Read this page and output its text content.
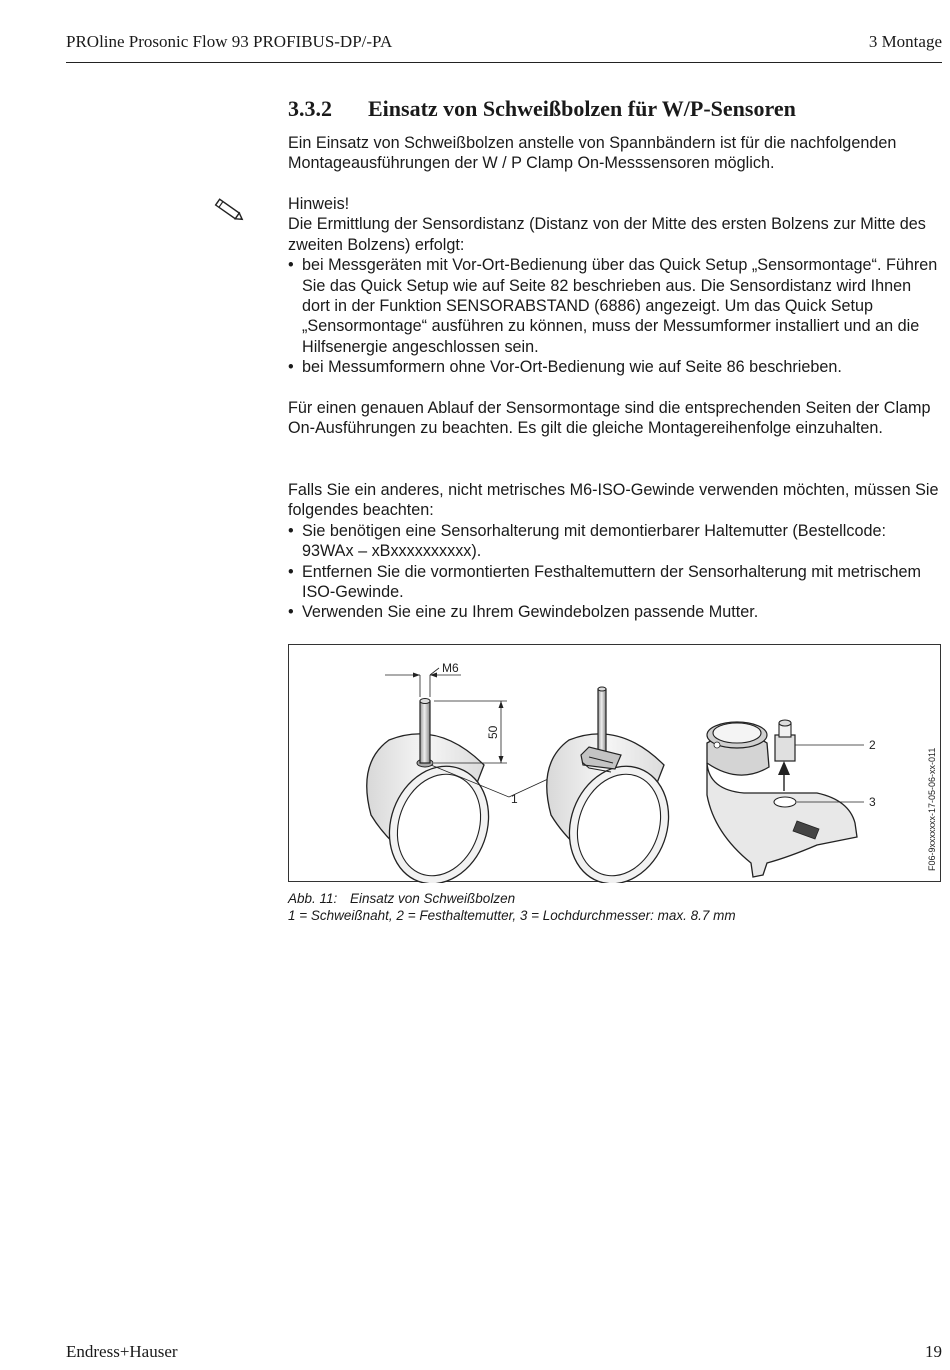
PROline Prosonic Flow 93 PROFIBUS-DP/-PA	3 Montage
3.3.2 Einsatz von Schweißbolzen für W/P-Sensoren

Ein Einsatz von Schweißbolzen anstelle von Spannbändern ist für die nachfolgenden Montageausführungen der W / P Clamp On-Messsensoren möglich.

Hinweis!

Die Ermittlung der Sensordistanz (Distanz von der Mitte des ersten Bolzens zur Mitte des zweiten Bolzens) erfolgt:

• bei Messgeräten mit Vor-Ort-Bedienung über das Quick Setup „Sensormontage“. Führen Sie das Quick Setup wie auf Seite 82 beschrieben aus. Die Sensordistanz wird Ihnen dort in der Funktion SENSORABSTAND (6886) angezeigt. Um das Quick Setup „Sensormontage“ ausführen zu können, muss der Messumformer installiert und an die Hilfsenergie angeschlossen sein.
• bei Messumformern ohne Vor-Ort-Bedienung wie auf Seite 86 beschrieben.

Für einen genauen Ablauf der Sensormontage sind die entsprechenden Seiten der Clamp On-Ausführungen zu beachten. Es gilt die gleiche Montagereihenfolge einzuhalten.

Falls Sie ein anderes, nicht metrisches M6-ISO-Gewinde verwenden möchten, müssen Sie folgendes beachten:

• Sie benötigen eine Sensorhalterung mit demontierbarer Haltemutter (Bestellcode: 93WAx – xBxxxxxxxxxx).
• Entfernen Sie die vormontierten Festhaltemuttern der Sensorhalterung mit metrischem ISO-Gewinde.
• Verwenden Sie eine zu Ihrem Gewindebolzen passende Mutter.
M6
50
1
2
3	F06-9xxxxxxx-17-05-06-xx-011
Abb. 11: Einsatz von Schweißbolzen
1 = Schweißnaht, 2 = Festhaltemutter, 3 = Lochdurchmesser: max. 8.7 mm
Endress+Hauser	19
